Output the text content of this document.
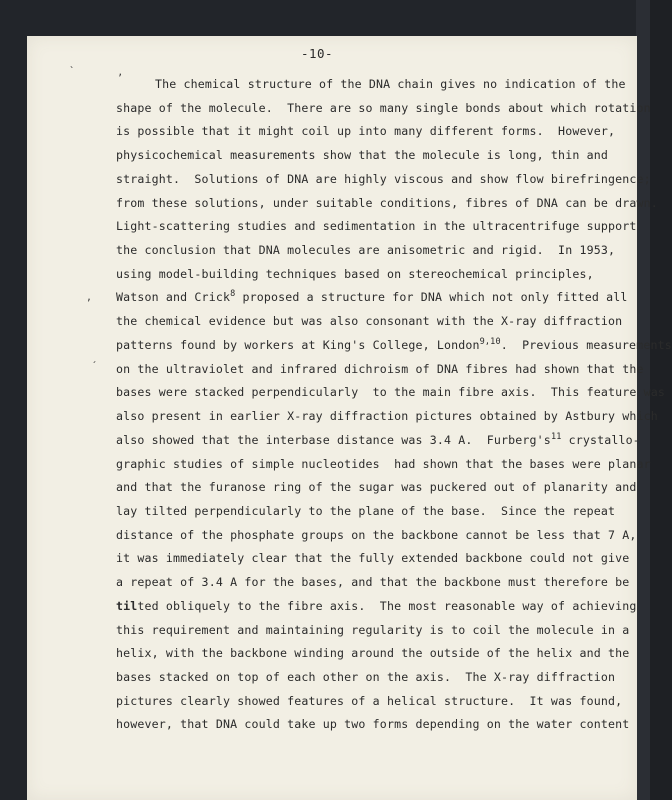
-10-
ʼ
`
,
´
The chemical structure of the DNA chain gives no indication of the
shape of the molecule.  There are so many single bonds about which rotation
is possible that it might coil up into many different forms.  However,
physicochemical measurements show that the molecule is long, thin and
straight.  Solutions of DNA are highly viscous and show flow birefringence;
from these solutions, under suitable conditions, fibres of DNA can be drawn.
Light-scattering studies and sedimentation in the ultracentrifuge support
the conclusion that DNA molecules are anisometric and rigid.  In 1953,
using model-building techniques based on stereochemical principles,
Watson and Crick$^8$ proposed a structure for DNA which not only fitted all
the chemical evidence but was also consonant with the X-ray diffraction
patterns found by workers at King's College, London$^{9,10}$.  Previous measurements
on the ultraviolet and infrared dichroism of DNA fibres had shown that the
bases were stacked perpendicularly  to the main fibre axis.  This feature was
also present in earlier X-ray diffraction pictures obtained by Astbury which
also showed that the interbase distance was 3.4 A.  $Furberg's^{11}$ crystallo-
graphic studies of simple nucleotides  had shown that the bases were planar
and that the furanose ring of the sugar was puckered out of planarity and
lay tilted perpendicularly to the plane of the base.  Since the repeat
distance of the phosphate groups on the backbone cannot be less that 7 A,
it was immediately clear that the fully extended backbone could not give
a repeat of 3.4 A for the bases, and that the backbone must therefore be
tilted obliquely to the fibre axis.  The most reasonable way of achieving
this requirement and maintaining regularity is to coil the molecule in a
helix, with the backbone winding around the outside of the helix and the
bases stacked on top of each other on the axis.  The X-ray diffraction
pictures clearly showed features of a helical structure.  It was found,
however, that DNA could take up two forms depending on the water content
